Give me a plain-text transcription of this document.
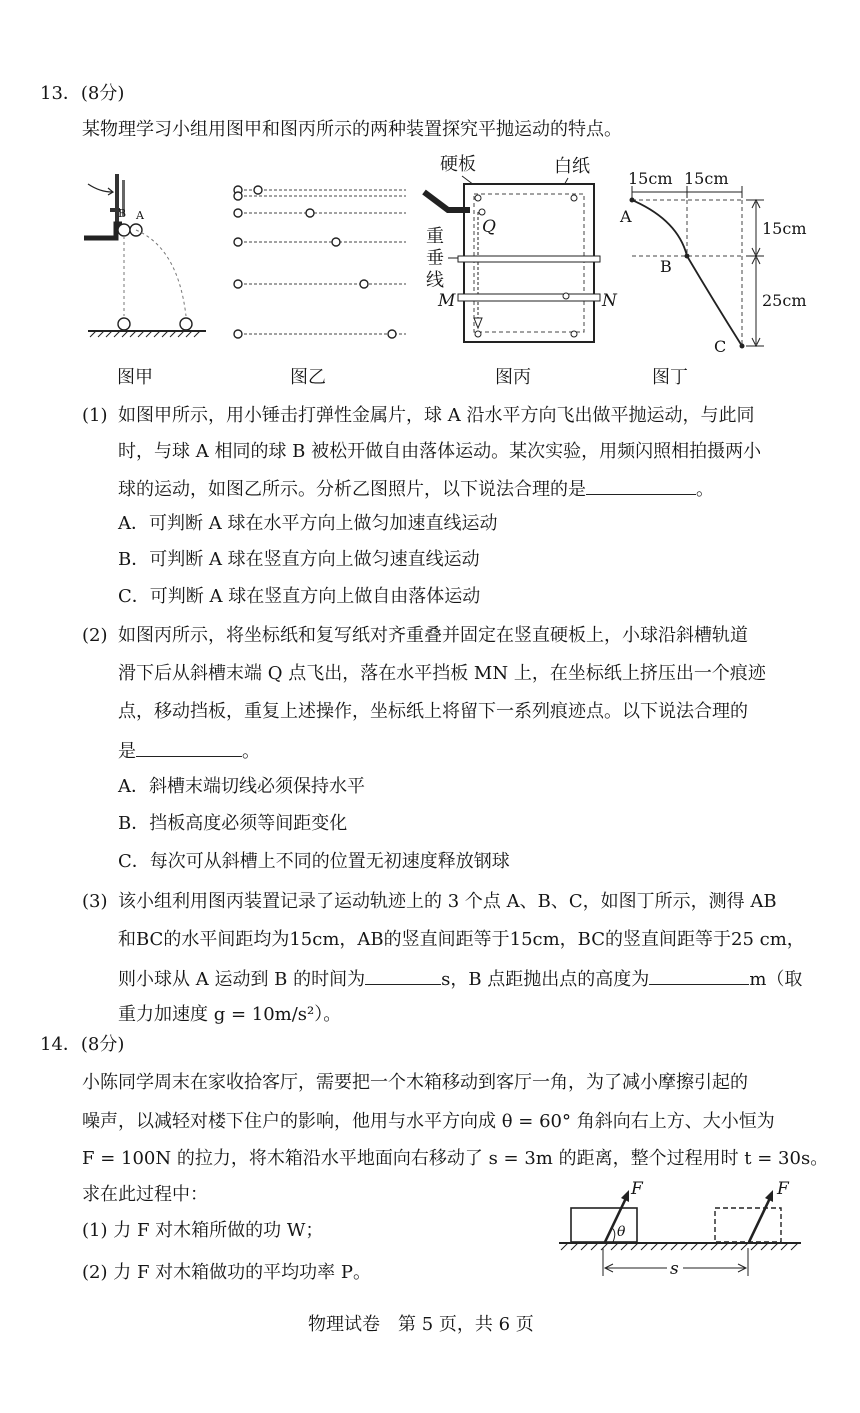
13．(8分)
某物理学习小组用图甲和图丙所示的两种装置探究平抛运动的特点。
B A
图甲	图乙
硬板	白纸
Q
重
垂
线
M	N
图丙
15cm 15cm
A
B
C
15cm
25cm
图丁
(1) 如图甲所示，用小锤击打弹性金属片，球 A 沿水平方向飞出做平抛运动，与此同
时，与球 A 相同的球 B 被松开做自由落体运动。某次实验，用频闪照相拍摄两小
球的运动，如图乙所示。分析乙图照片，以下说法合理的是	。
A．可判断 A 球在水平方向上做匀加速直线运动
B．可判断 A 球在竖直方向上做匀速直线运动
C．可判断 A 球在竖直方向上做自由落体运动
(2) 如图丙所示，将坐标纸和复写纸对齐重叠并固定在竖直硬板上，小球沿斜槽轨道
滑下后从斜槽末端 Q 点飞出，落在水平挡板 MN 上，在坐标纸上挤压出一个痕迹
点，移动挡板，重复上述操作，坐标纸上将留下一系列痕迹点。以下说法合理的
是	。
A．斜槽末端切线必须保持水平
B．挡板高度必须等间距变化
C．每次可从斜槽上不同的位置无初速度释放钢球
(3) 该小组利用图丙装置记录了运动轨迹上的 3 个点 A、B、C，如图丁所示，测得 AB
和BC的水平间距均为15cm，AB的竖直间距等于15cm，BC的竖直间距等于25 cm，
则小球从 A 运动到 B 的时间为	s，B 点距抛出点的高度为	m（取
重力加速度 g = 10m/s²）。
14．(8分)
小陈同学周末在家收拾客厅，需要把一个木箱移动到客厅一角，为了减小摩擦引起的
噪声，以减轻对楼下住户的影响，他用与水平方向成 θ = 60° 角斜向右上方、大小恒为
F = 100N 的拉力，将木箱沿水平地面向右移动了 s = 3m 的距离，整个过程用时 t = 30s。
求在此过程中：
(1) 力 F 对木箱所做的功 W；
(2) 力 F 对木箱做功的平均功率 P。
F
θ
F
s
物理试卷　第 5 页，共 6 页
